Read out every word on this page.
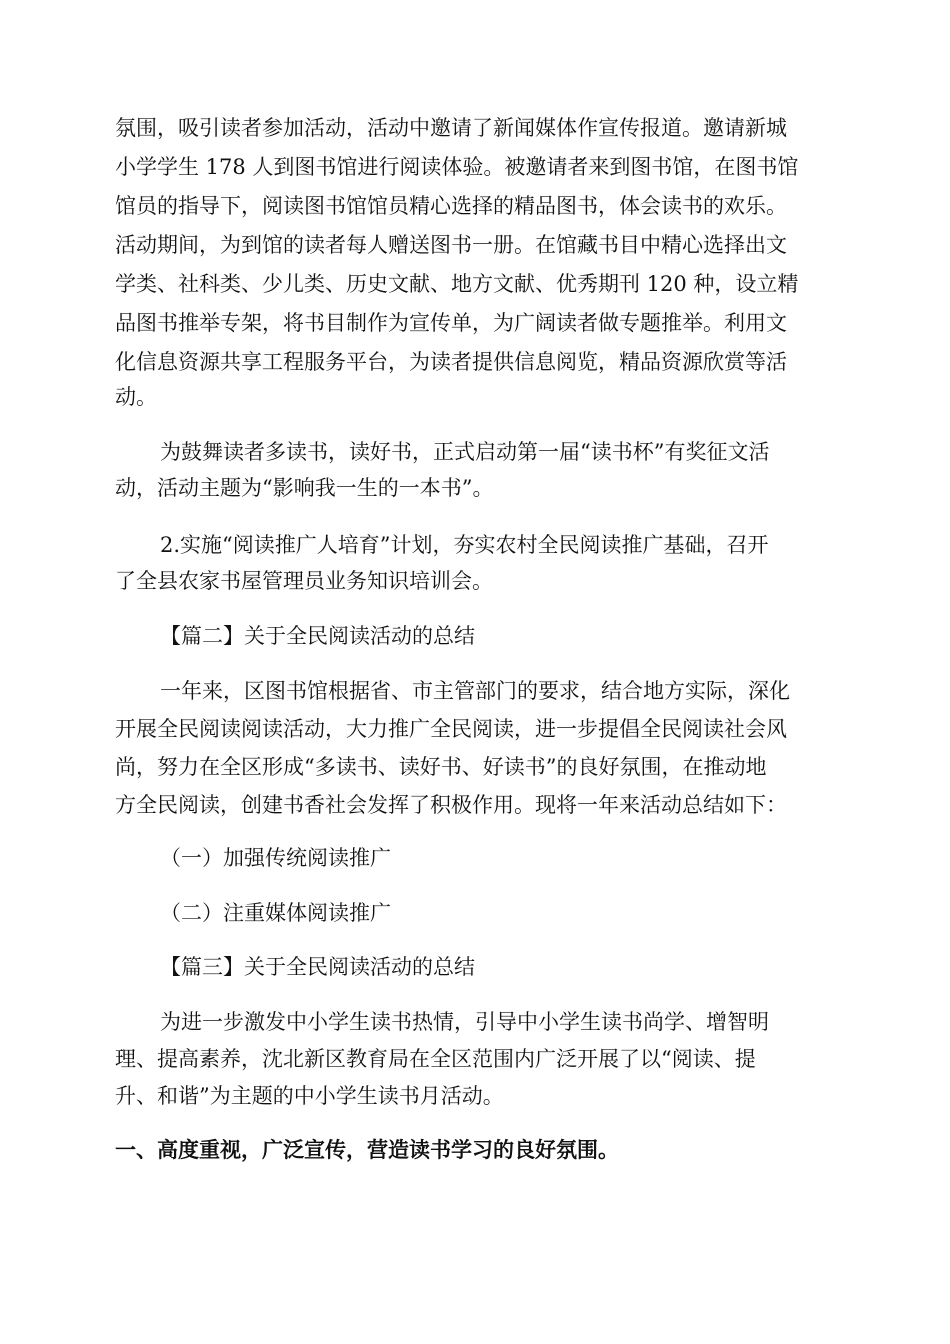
氛围，吸引读者参加活动，活动中邀请了新闻媒体作宣传报道。邀请新城
小学学生 178 人到图书馆进行阅读体验。被邀请者来到图书馆，在图书馆
馆员的指导下，阅读图书馆馆员精心选择的精品图书，体会读书的欢乐。
活动期间，为到馆的读者每人赠送图书一册。在馆藏书目中精心选择出文
学类、社科类、少儿类、历史文献、地方文献、优秀期刊 120 种，设立精
品图书推举专架，将书目制作为宣传单，为广阔读者做专题推举。利用文
化信息资源共享工程服务平台，为读者提供信息阅览，精品资源欣赏等活
动。
为鼓舞读者多读书，读好书，正式启动第一届“读书杯”有奖征文活
动，活动主题为“影响我一生的一本书”。
2.实施“阅读推广人培育”计划，夯实农村全民阅读推广基础，召开
了全县农家书屋管理员业务知识培训会。
【篇二】关于全民阅读活动的总结
一年来，区图书馆根据省、市主管部门的要求，结合地方实际，深化
开展全民阅读阅读活动，大力推广全民阅读，进一步提倡全民阅读社会风
尚，努力在全区形成“多读书、读好书、好读书”的良好氛围，在推动地
方全民阅读，创建书香社会发挥了积极作用。现将一年来活动总结如下：
（一）加强传统阅读推广
（二）注重媒体阅读推广
【篇三】关于全民阅读活动的总结
为进一步激发中小学生读书热情，引导中小学生读书尚学、增智明
理、提高素养，沈北新区教育局在全区范围内广泛开展了以“阅读、提
升、和谐”为主题的中小学生读书月活动。
一、高度重视，广泛宣传，营造读书学习的良好氛围。
